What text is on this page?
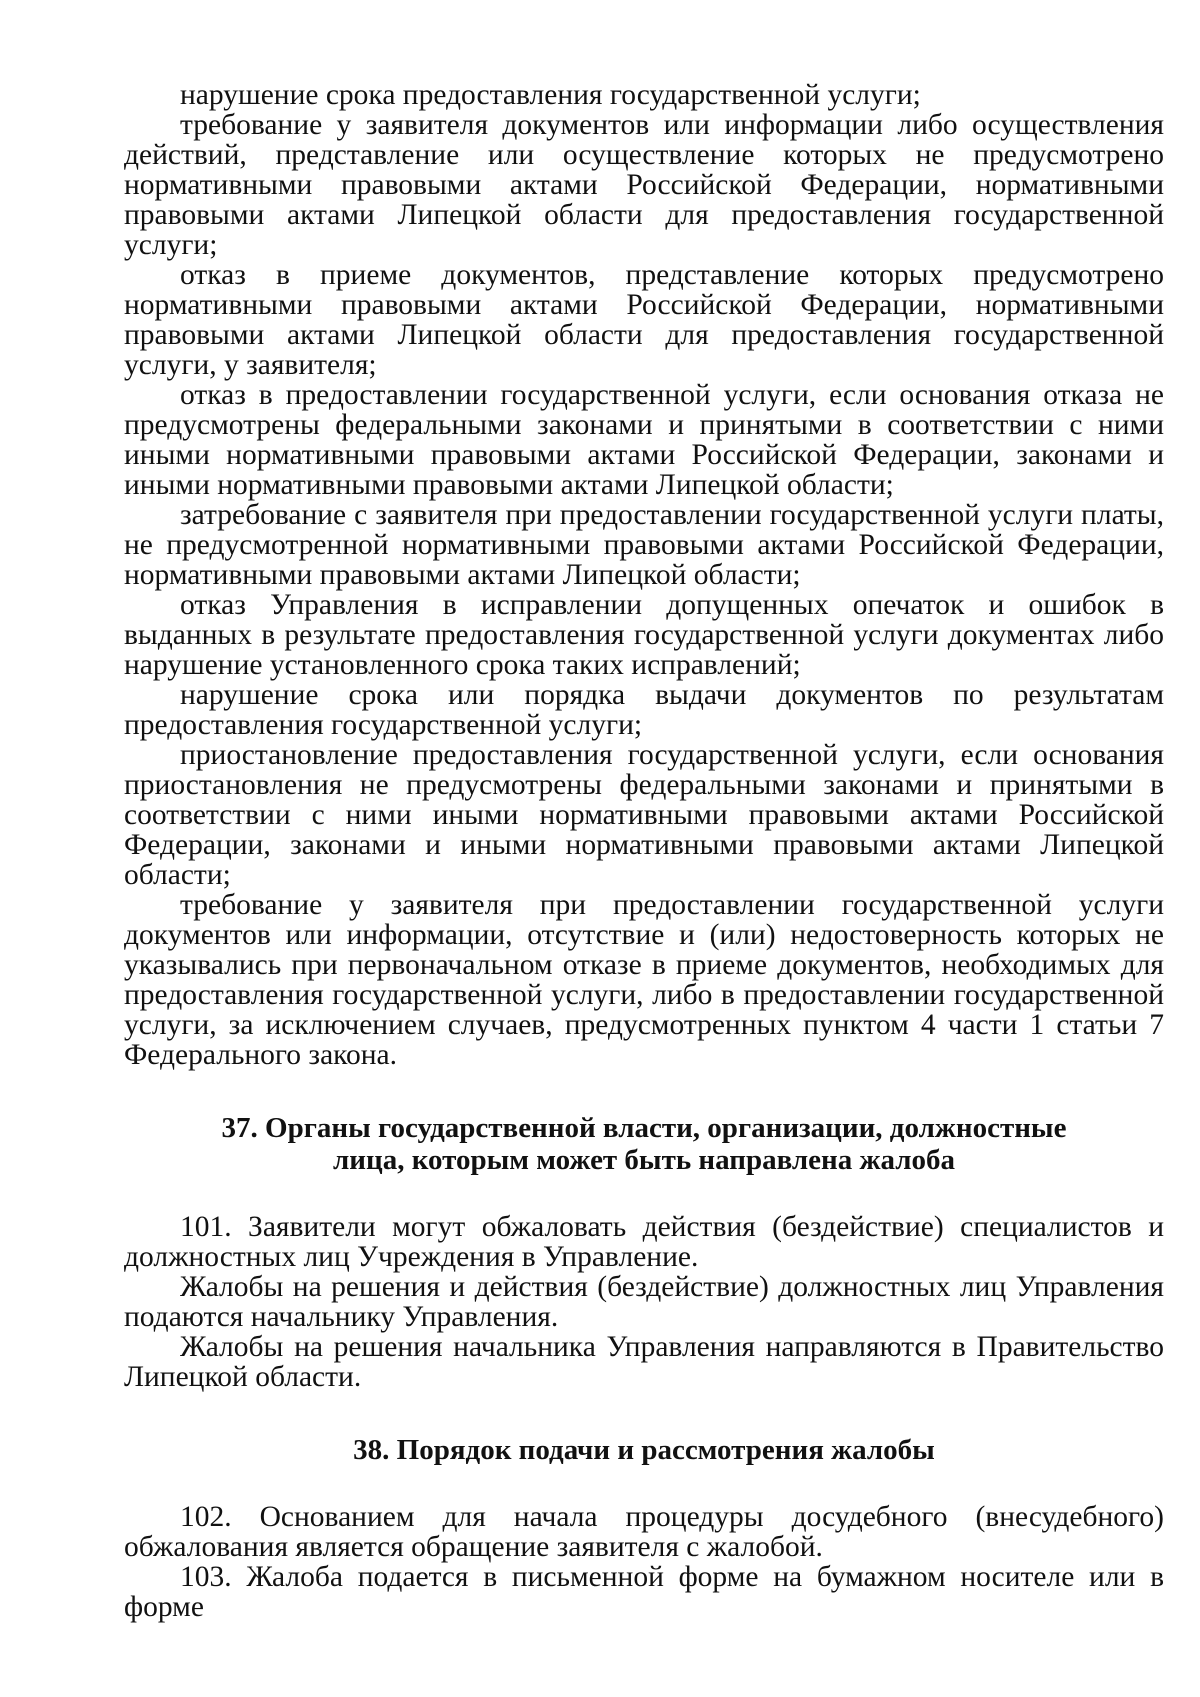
нарушение срока предоставления государственной услуги;

требование у заявителя документов или информации либо осуществления действий, представление или осуществление которых не предусмотрено нормативными правовыми актами Российской Федерации, нормативными правовыми актами Липецкой области для предоставления государственной услуги;

отказ в приеме документов, представление которых предусмотрено нормативными правовыми актами Российской Федерации, нормативными правовыми актами Липецкой области для предоставления государственной услуги, у заявителя;

отказ в предоставлении государственной услуги, если основания отказа не предусмотрены федеральными законами и принятыми в соответствии с ними иными нормативными правовыми актами Российской Федерации, законами и иными нормативными правовыми актами Липецкой области;

затребование с заявителя при предоставлении государственной услуги платы, не предусмотренной нормативными правовыми актами Российской Федерации, нормативными правовыми актами Липецкой области;

отказ Управления в исправлении допущенных опечаток и ошибок в выданных в результате предоставления государственной услуги документах либо нарушение установленного срока таких исправлений;

нарушение срока или порядка выдачи документов по результатам предоставления государственной услуги;

приостановление предоставления государственной услуги, если основания приостановления не предусмотрены федеральными законами и принятыми в соответствии с ними иными нормативными правовыми актами Российской Федерации, законами и иными нормативными правовыми актами Липецкой области;

требование у заявителя при предоставлении государственной услуги документов или информации, отсутствие и (или) недостоверность которых не указывались при первоначальном отказе в приеме документов, необходимых для предоставления государственной услуги, либо в предоставлении государственной услуги, за исключением случаев, предусмотренных пунктом 4 части 1 статьи 7 Федерального закона.

37. Органы государственной власти, организации, должностные
лица, которым может быть направлена жалоба

101. Заявители могут обжаловать действия (бездействие) специалистов и должностных лиц Учреждения в Управление.

Жалобы на решения и действия (бездействие) должностных лиц Управления подаются начальнику Управления.

Жалобы на решения начальника Управления направляются в Правительство Липецкой области.

38. Порядок подачи и рассмотрения жалобы

102. Основанием для начала процедуры досудебного (внесудебного) обжалования является обращение заявителя с жалобой.

103. Жалоба подается в письменной форме на бумажном носителе или в форме
